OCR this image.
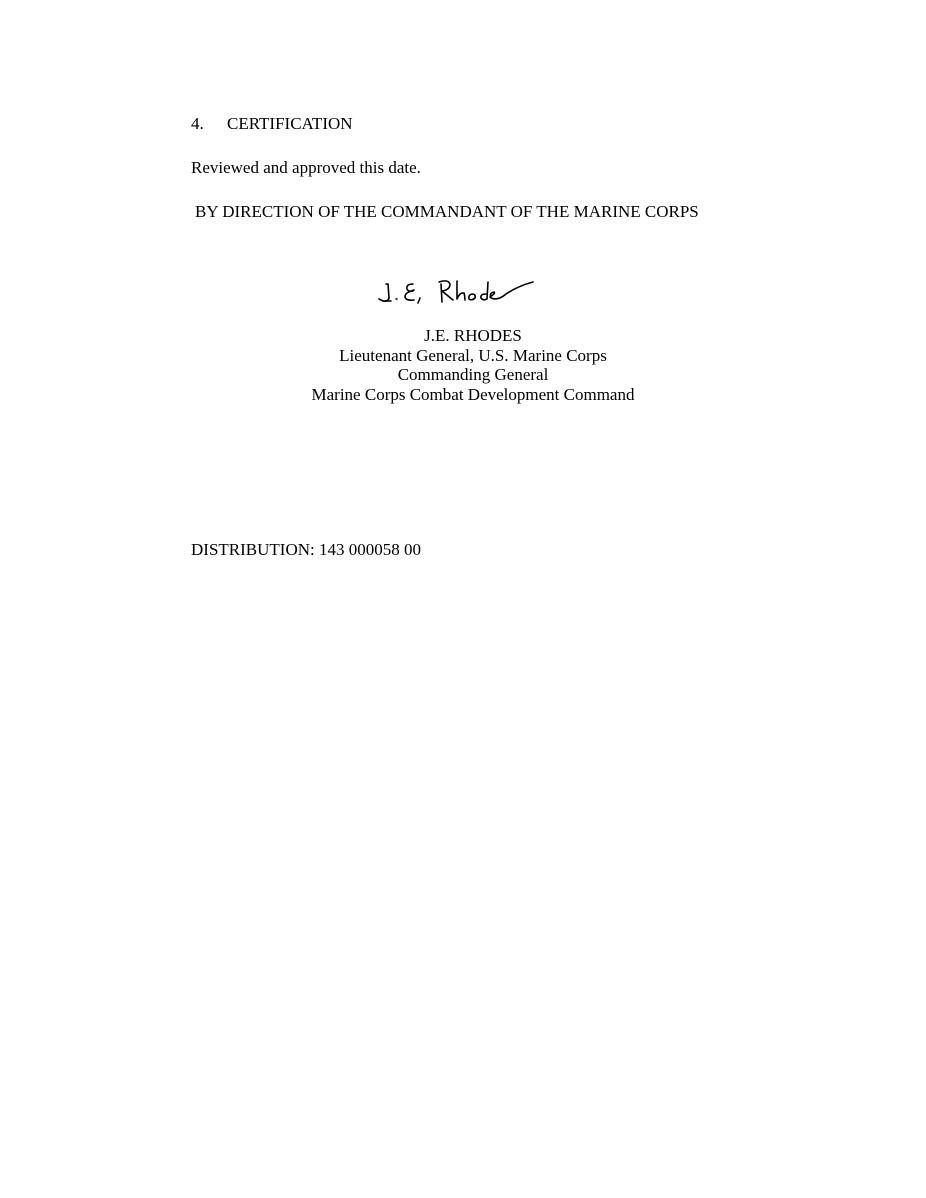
4. CERTIFICATION
Reviewed and approved this date.
BY DIRECTION OF THE COMMANDANT OF THE MARINE CORPS
J.E. RHODES
Lieutenant General, U.S. Marine Corps
Commanding General
Marine Corps Combat Development Command
DISTRIBUTION: 143 000058 00
